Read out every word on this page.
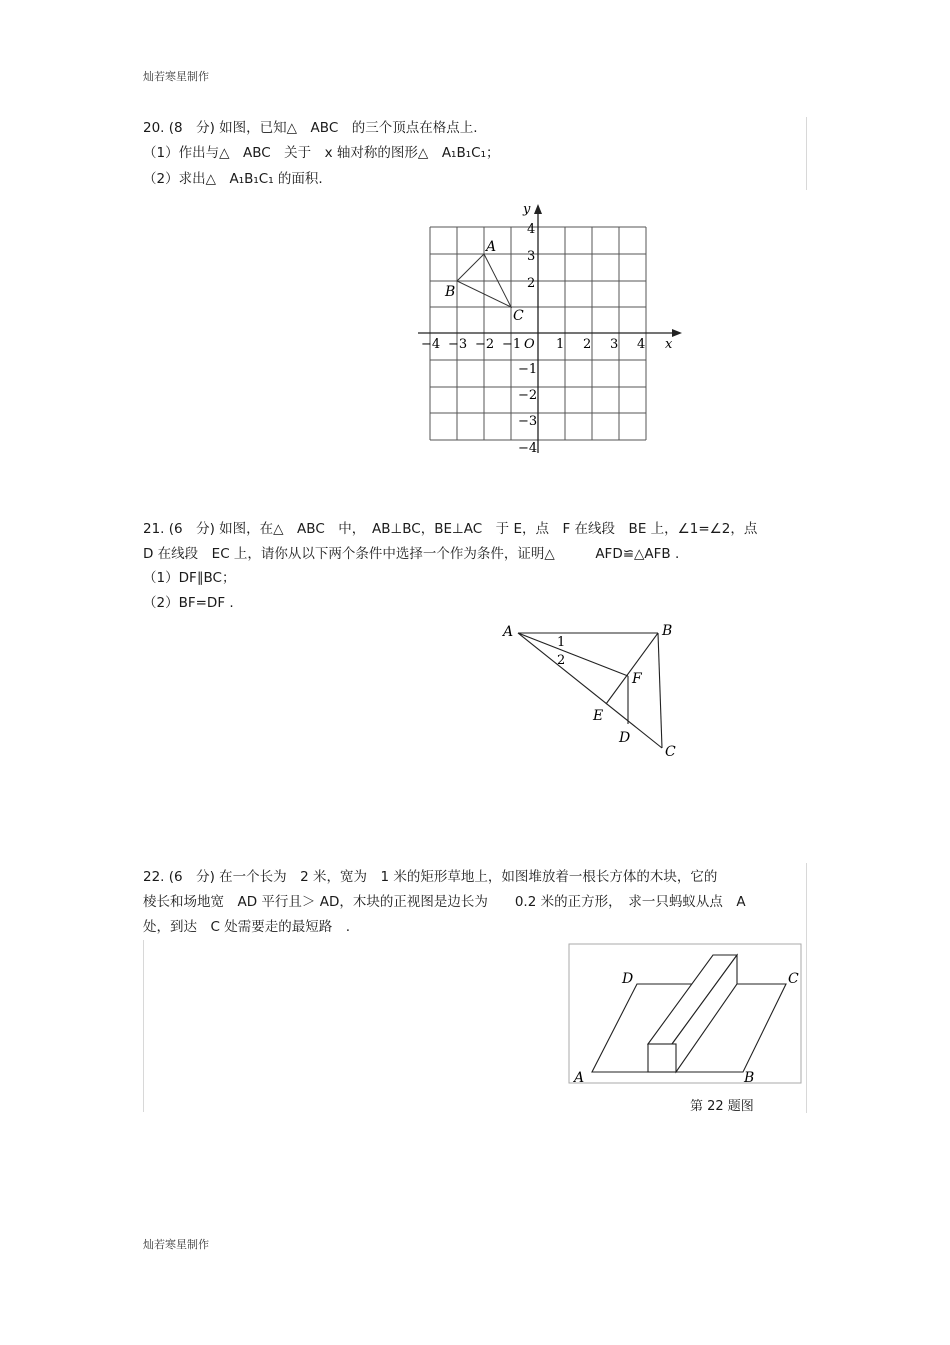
灿若寒星制作
灿若寒星制作
20. (8　分) 如图，已知△　ABC　的三个顶点在格点上.
（1）作出与△　ABC　关于　x 轴对称的图形△　A₁B₁C₁；
（2）求出△　A₁B₁C₁ 的面积.
x
y
O
−4 −3 −2 −1	1 2 3 4
4
3
2
−1
−2
−3
−4
A
B
C
21. (6　分) 如图，在△　ABC　中，　AB⊥BC，BE⊥AC　于 E，点　F 在线段　BE 上，∠1=∠2，点
D 在线段　EC 上，请你从以下两个条件中选择一个作为条件，证明△　　　AFD≌△AFB .
（1）DF∥BC；
（2）BF=DF .
A	B
C
D
E
F
1
2
22. (6　分) 在一个长为　2 米，宽为　1 米的矩形草地上，如图堆放着一根长方体的木块，它的
棱长和场地宽　AD 平行且＞ AD，木块的正视图是边长为　　0.2 米的正方形，　求一只蚂蚁从点　A
处，到达　C 处需要走的最短路　.
A	B
C
D
第 22 题图
